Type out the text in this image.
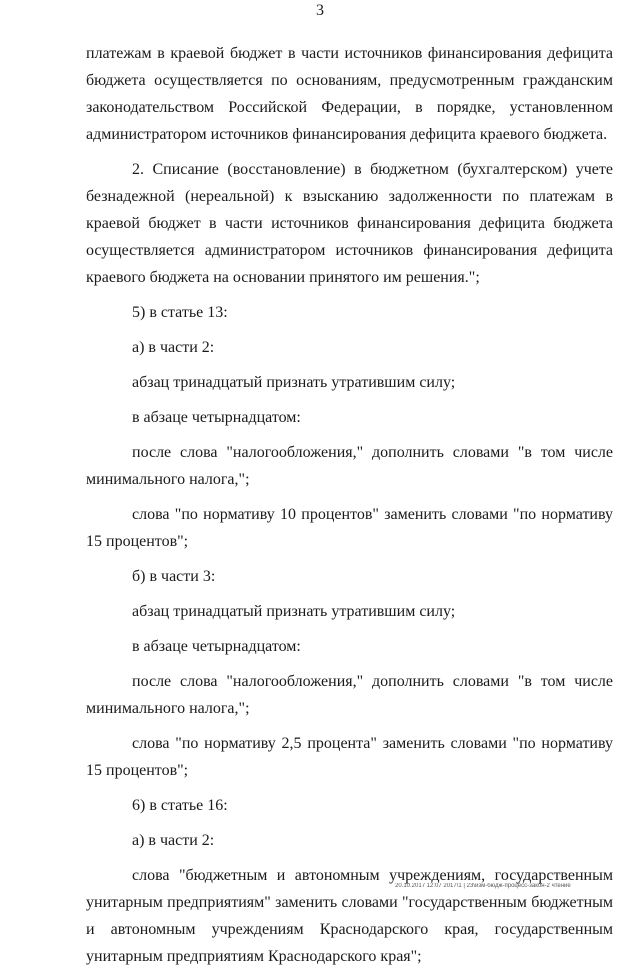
3

платежам в краевой бюджет в части источников финансирования дефицита бюджета осуществляется по основаниям, предусмотренным гражданским законодательством Российской Федерации, в порядке, установленном администратором источников финансирования дефицита краевого бюджета.

2. Списание (восстановление) в бюджетном (бухгалтерском) учете безнадежной (нереальной) к взысканию задолженности по платежам в краевой бюджет в части источников финансирования дефицита бюджета осуществляется администратором источников финансирования дефицита краевого бюджета на основании принятого им решения.";

5) в статье 13:

а) в части 2:

абзац тринадцатый признать утратившим силу;

в абзаце четырнадцатом:

после слова "налогообложения," дополнить словами "в том числе минимального налога,";

слова "по нормативу 10 процентов" заменить словами "по нормативу 15 процентов";

б) в части 3:

абзац тринадцатый признать утратившим силу;

в абзаце четырнадцатом:

после слова "налогообложения," дополнить словами "в том числе минимального налога,";

слова "по нормативу 2,5 процента" заменить словами "по нормативу 15 процентов";

6) в статье 16:

а) в части 2:

слова "бюджетным и автономным учреждениям, государственным унитарным предприятиям" заменить словами "государственным бюджетным и автономным учреждениям Краснодарского края, государственным унитарным предприятиям Краснодарского края";

20.10.2017 12:07 2017\1 | 23\изм-бюдж-процесс-закон-2 чтение
